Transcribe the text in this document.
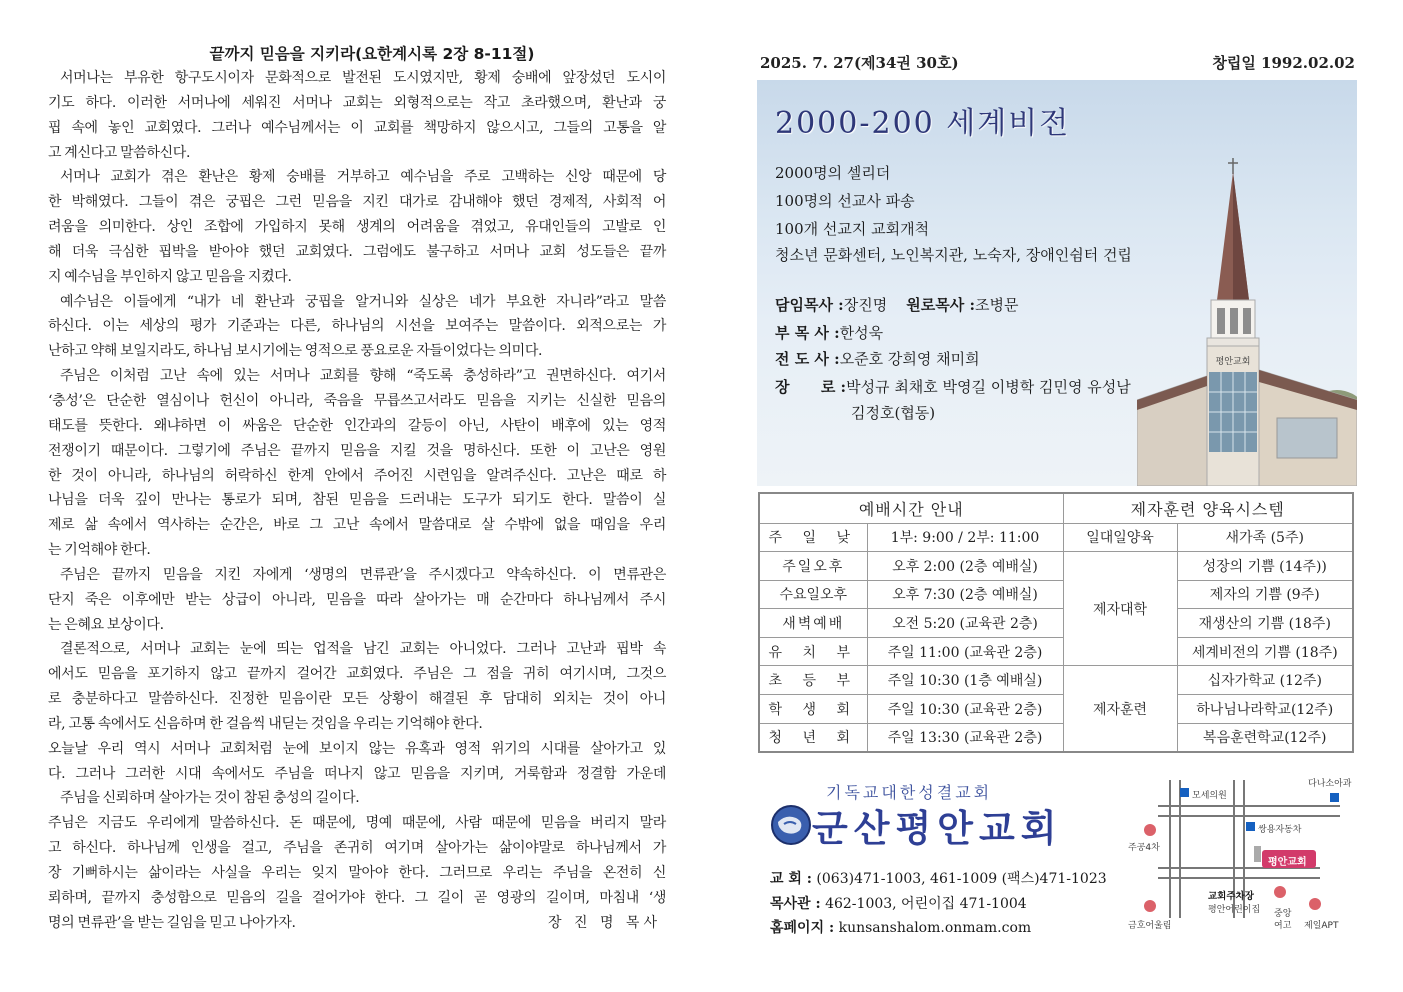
끝까지 믿음을 지키라(요한계시록 2장 8-11절)
서머나는 부유한 항구도시이자 문화적으로 발전된 도시였지만, 황제 숭배에 앞장섰던 도시이
기도 하다. 이러한 서머나에 세워진 서머나 교회는 외형적으로는 작고 초라했으며, 환난과 궁
핍 속에 놓인 교회였다. 그러나 예수님께서는 이 교회를 책망하지 않으시고, 그들의 고통을 알
고 계신다고 말씀하신다.
서머나 교회가 겪은 환난은 황제 숭배를 거부하고 예수님을 주로 고백하는 신앙 때문에 당
한 박해였다. 그들이 겪은 궁핍은 그런 믿음을 지킨 대가로 감내해야 했던 경제적, 사회적 어
려움을 의미한다. 상인 조합에 가입하지 못해 생계의 어려움을 겪었고, 유대인들의 고발로 인
해 더욱 극심한 핍박을 받아야 했던 교회였다. 그럼에도 불구하고 서머나 교회 성도들은 끝까
지 예수님을 부인하지 않고 믿음을 지켰다.
예수님은 이들에게 “내가 네 환난과 궁핍을 알거니와 실상은 네가 부요한 자니라”라고 말씀
하신다. 이는 세상의 평가 기준과는 다른, 하나님의 시선을 보여주는 말씀이다. 외적으로는 가
난하고 약해 보일지라도, 하나님 보시기에는 영적으로 풍요로운 자들이었다는 의미다.
주님은 이처럼 고난 속에 있는 서머나 교회를 향해 “죽도록 충성하라”고 권면하신다. 여기서
‘충성’은 단순한 열심이나 헌신이 아니라, 죽음을 무릅쓰고서라도 믿음을 지키는 신실한 믿음의
태도를 뜻한다. 왜냐하면 이 싸움은 단순한 인간과의 갈등이 아닌, 사탄이 배후에 있는 영적
전쟁이기 때문이다. 그렇기에 주님은 끝까지 믿음을 지킬 것을 명하신다. 또한 이 고난은 영원
한 것이 아니라, 하나님의 허락하신 한계 안에서 주어진 시련임을 알려주신다. 고난은 때로 하
나님을 더욱 깊이 만나는 통로가 되며, 참된 믿음을 드러내는 도구가 되기도 한다. 말씀이 실
제로 삶 속에서 역사하는 순간은, 바로 그 고난 속에서 말씀대로 살 수밖에 없을 때임을 우리
는 기억해야 한다.
주님은 끝까지 믿음을 지킨 자에게 ‘생명의 면류관’을 주시겠다고 약속하신다. 이 면류관은
단지 죽은 이후에만 받는 상급이 아니라, 믿음을 따라 살아가는 매 순간마다 하나님께서 주시
는 은혜요 보상이다.
결론적으로, 서머나 교회는 눈에 띄는 업적을 남긴 교회는 아니었다. 그러나 고난과 핍박 속
에서도 믿음을 포기하지 않고 끝까지 걸어간 교회였다. 주님은 그 점을 귀히 여기시며, 그것으
로 충분하다고 말씀하신다. 진정한 믿음이란 모든 상황이 해결된 후 담대히 외치는 것이 아니
라, 고통 속에서도 신음하며 한 걸음씩 내딛는 것임을 우리는 기억해야 한다.
오늘날 우리 역시 서머나 교회처럼 눈에 보이지 않는 유혹과 영적 위기의 시대를 살아가고 있
다. 그러나 그러한 시대 속에서도 주님을 떠나지 않고 믿음을 지키며, 거룩함과 정결함 가운데
주님을 신뢰하며 살아가는 것이 참된 충성의 길이다.
주님은 지금도 우리에게 말씀하신다. 돈 때문에, 명예 때문에, 사람 때문에 믿음을 버리지 말라
고 하신다. 하나님께 인생을 걸고, 주님을 존귀히 여기며 살아가는 삶이야말로 하나님께서 가
장 기뻐하시는 삶이라는 사실을 우리는 잊지 말아야 한다. 그러므로 우리는 주님을 온전히 신
뢰하며, 끝까지 충성함으로 믿음의 길을 걸어가야 한다. 그 길이 곧 영광의 길이며, 마침내 ‘생
명의 면류관’을 받는 길임을 믿고 나아가자.	장 진 명 목사
2025. 7. 27(제34권 30호)	창립일 1992.02.02
평안교회
2000-200 세계비전
2000명의 셀리더
100명의 선교사 파송
100개 선교지 교회개척
청소년 문화센터, 노인복지관, 노숙자, 장애인쉼터 건립
담임목사 :장진명 원로목사 :조병문
부 목 사 :한성욱
전 도 사 :오준호 강희영 채미희
장      로 :박성규 최채호 박영길 이병학 김민영 유성남
김정호(협동)
예배시간 안내		제자훈련 양육시스템	
주 일 낮	1부: 9:00 / 2부: 11:00	일대일양육	새가족 (5주)
주일오후	오후 2:00 (2층 예배실)	제자대학	성장의 기쁨 (14주))
수요일오후	오후 7:30 (2층 예배실)		제자의 기쁨 (9주)
새벽예배	오전 5:20 (교육관 2층)		재생산의 기쁨 (18주)
유 치 부	주일 11:00 (교육관 2층)		세계비전의 기쁨 (18주)
초 등 부	주일 10:30 (1층 예배실)	제자훈련	십자가학교 (12주)
학 생 회	주일 10:30 (교육관 2층)		하나님나라학교(12주)
청 년 회	주일 13:30 (교육관 2층)		복음훈련학교(12주)
기독교대한성결교회
군산평안교회
교 회 : (063)471-1003, 461-1009 (팩스)471-1023
목사관 : 462-1003, 어린이집 471-1004
홈페이지 : kunsanshalom.onmam.com
모세의원
다나소아과
주공4차
쌍용자동차
평안교회
교회주차장
평안어린이집
금호어울림
중앙
여고 제일APT
